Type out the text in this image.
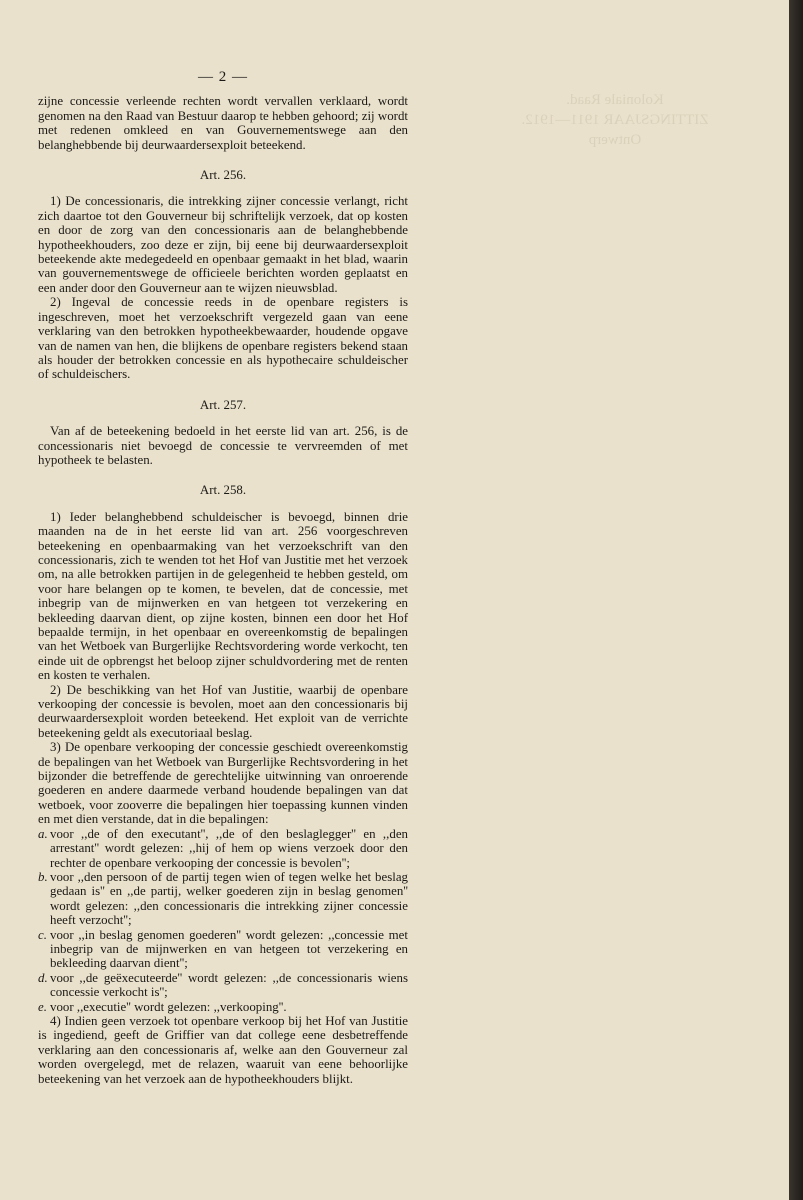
Koloniale Raad.
ZITTINGSJAAR 1911—1912.
Ontwerp
— 2 —

zijne concessie verleende rechten wordt vervallen verklaard, wordt genomen na den Raad van Bestuur daarop te hebben gehoord; zij wordt met redenen omkleed en van Gouvernementswege aan den belanghebbende bij deurwaardersexploit beteekend.

Art. 256.

1) De concessionaris, die intrekking zijner concessie verlangt, richt zich daartoe tot den Gouverneur bij schriftelijk verzoek, dat op kosten en door de zorg van den concessionaris aan de belanghebbende hypotheekhouders, zoo deze er zijn, bij eene bij deurwaardersexploit beteekende akte medegedeeld en openbaar gemaakt in het blad, waarin van gouvernementswege de officieele berichten worden geplaatst en een ander door den Gouverneur aan te wijzen nieuwsblad.

2) Ingeval de concessie reeds in de openbare registers is ingeschreven, moet het verzoekschrift vergezeld gaan van eene verklaring van den betrokken hypotheekbewaarder, houdende opgave van de namen van hen, die blijkens de openbare registers bekend staan als houder der betrokken concessie en als hypothecaire schuldeischer of schuldeischers.

Art. 257.

Van af de beteekening bedoeld in het eerste lid van art. 256, is de concessionaris niet bevoegd de concessie te vervreemden of met hypotheek te belasten.

Art. 258.

1) Ieder belanghebbend schuldeischer is bevoegd, binnen drie maanden na de in het eerste lid van art. 256 voorgeschreven beteekening en openbaarmaking van het verzoekschrift van den concessionaris, zich te wenden tot het Hof van Justitie met het verzoek om, na alle betrokken partijen in de gelegenheid te hebben gesteld, om voor hare belangen op te komen, te bevelen, dat de concessie, met inbegrip van de mijnwerken en van hetgeen tot verzekering en bekleeding daarvan dient, op zijne kosten, binnen een door het Hof bepaalde termijn, in het openbaar en overeenkomstig de bepalingen van het Wetboek van Burgerlijke Rechtsvordering worde verkocht, ten einde uit de opbrengst het beloop zijner schuldvordering met de renten en kosten te verhalen.

2) De beschikking van het Hof van Justitie, waarbij de openbare verkooping der concessie is bevolen, moet aan den concessionaris bij deurwaardersexploit worden beteekend. Het exploit van de verrichte beteekening geldt als executoriaal beslag.

3) De openbare verkooping der concessie geschiedt overeenkomstig de bepalingen van het Wetboek van Burgerlijke Rechtsvordering in het bijzonder die betreffende de gerechtelijke uitwinning van onroerende goederen en andere daarmede verband houdende bepalingen van dat wetboek, voor zooverre die bepalingen hier toepassing kunnen vinden en met dien verstande, dat in die bepalingen:

a. voor ,,de of den executant'', ,,de of den beslaglegger'' en ,,den arrestant'' wordt gelezen: ,,hij of hem op wiens verzoek door den rechter de openbare verkooping der concessie is bevolen'';

b. voor ,,den persoon of de partij tegen wien of tegen welke het beslag gedaan is'' en ,,de partij, welker goederen zijn in beslag genomen'' wordt gelezen: ,,den concessionaris die intrekking zijner concessie heeft verzocht'';

c. voor ,,in beslag genomen goederen'' wordt gelezen: ,,concessie met inbegrip van de mijnwerken en van hetgeen tot verzekering en bekleeding daarvan dient'';

d. voor ,,de geëxecuteerde'' wordt gelezen: ,,de concessionaris wiens concessie verkocht is'';

e. voor ,,executie'' wordt gelezen: ,,verkooping''.

4) Indien geen verzoek tot openbare verkoop bij het Hof van Justitie is ingediend, geeft de Griffier van dat college eene desbetreffende verklaring aan den concessionaris af, welke aan den Gouverneur zal worden overgelegd, met de relazen, waaruit van eene behoorlijke beteekening van het verzoek aan de hypotheekhouders blijkt.
